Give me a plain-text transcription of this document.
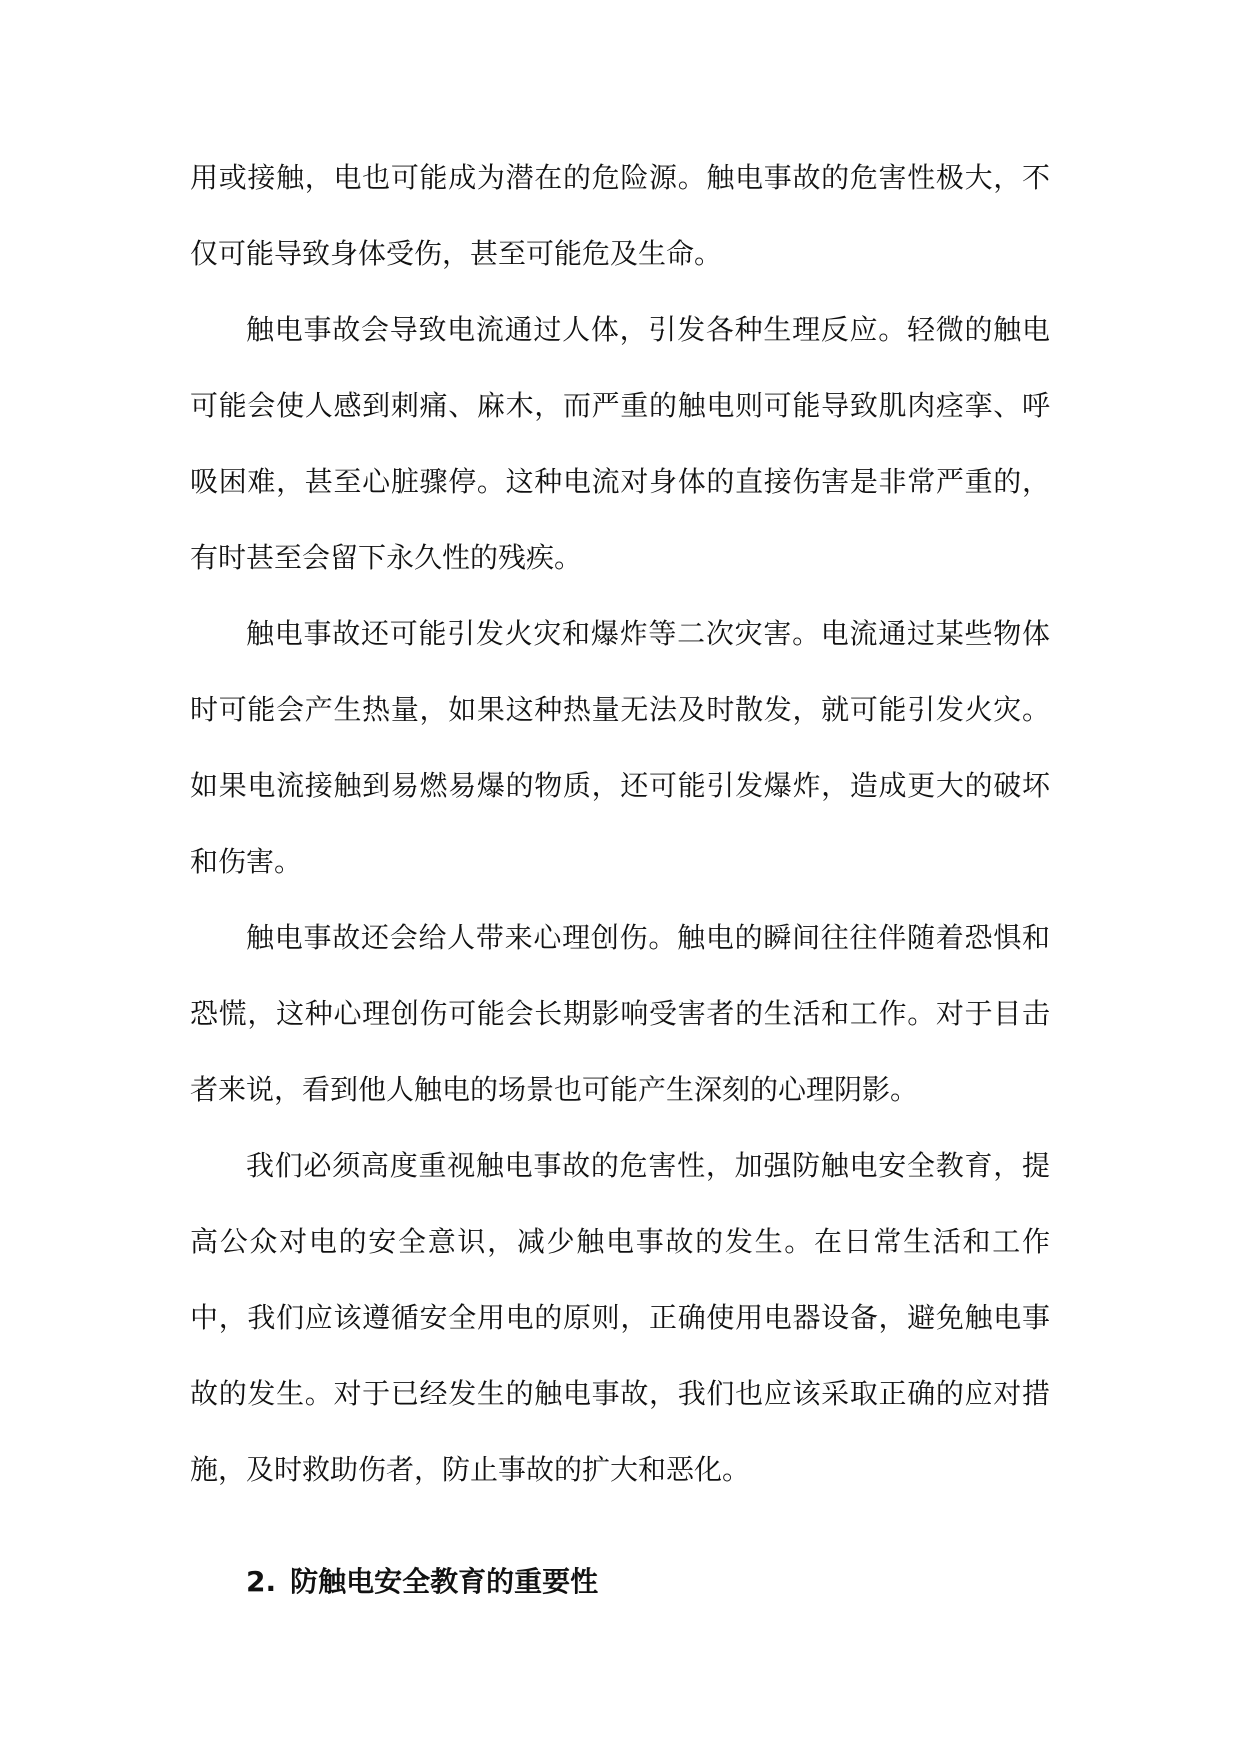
用或接触，电也可能成为潜在的危险源。触电事故的危害性极大，不仅可能导致身体受伤，甚至可能危及生命。

触电事故会导致电流通过人体，引发各种生理反应。轻微的触电可能会使人感到刺痛、麻木，而严重的触电则可能导致肌肉痉挛、呼吸困难，甚至心脏骤停。这种电流对身体的直接伤害是非常严重的，有时甚至会留下永久性的残疾。

触电事故还可能引发火灾和爆炸等二次灾害。电流通过某些物体时可能会产生热量，如果这种热量无法及时散发，就可能引发火灾。如果电流接触到易燃易爆的物质，还可能引发爆炸，造成更大的破坏和伤害。

触电事故还会给人带来心理创伤。触电的瞬间往往伴随着恐惧和恐慌，这种心理创伤可能会长期影响受害者的生活和工作。对于目击者来说，看到他人触电的场景也可能产生深刻的心理阴影。

我们必须高度重视触电事故的危害性，加强防触电安全教育，提高公众对电的安全意识，减少触电事故的发生。在日常生活和工作中，我们应该遵循安全用电的原则，正确使用电器设备，避免触电事故的发生。对于已经发生的触电事故，我们也应该采取正确的应对措施，及时救助伤者，防止事故的扩大和恶化。

2. 防触电安全教育的重要性
